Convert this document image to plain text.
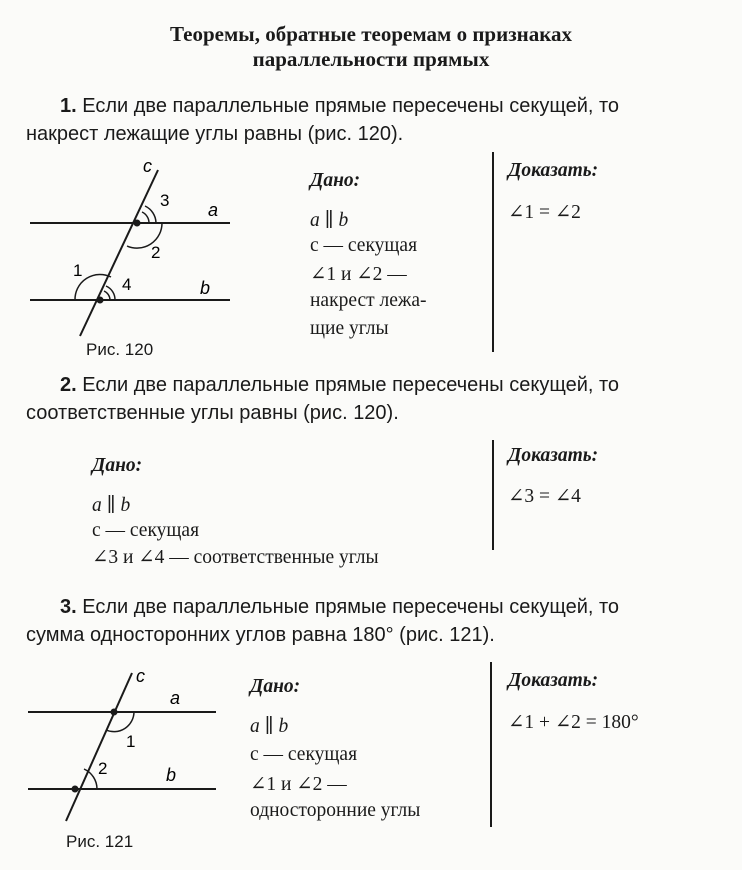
Теоремы, обратные теоремам о признаках
параллельности прямых
1. Если две параллельные прямые пересечены секущей, то
накрест лежащие углы равны (рис. 120).
c
a
b
3
2
1
4
Рис. 120
Дано:
a ∥ b
c — секущая
∠1 и ∠2 —
накрест лежа-
щие углы
Доказать:
∠1 = ∠2
2. Если две параллельные прямые пересечены секущей, то
соответственные углы равны (рис. 120).
Дано:
a ∥ b
c — секущая
∠3 и ∠4 — соответственные углы
Доказать:
∠3 = ∠4
3. Если две параллельные прямые пересечены секущей, то
сумма односторонних углов равна 180° (рис. 121).
c
a
b
1
2
Рис. 121
Дано:
a ∥ b
c — секущая
∠1 и ∠2 —
односторонние углы
Доказать:
∠1 + ∠2 = 180°
